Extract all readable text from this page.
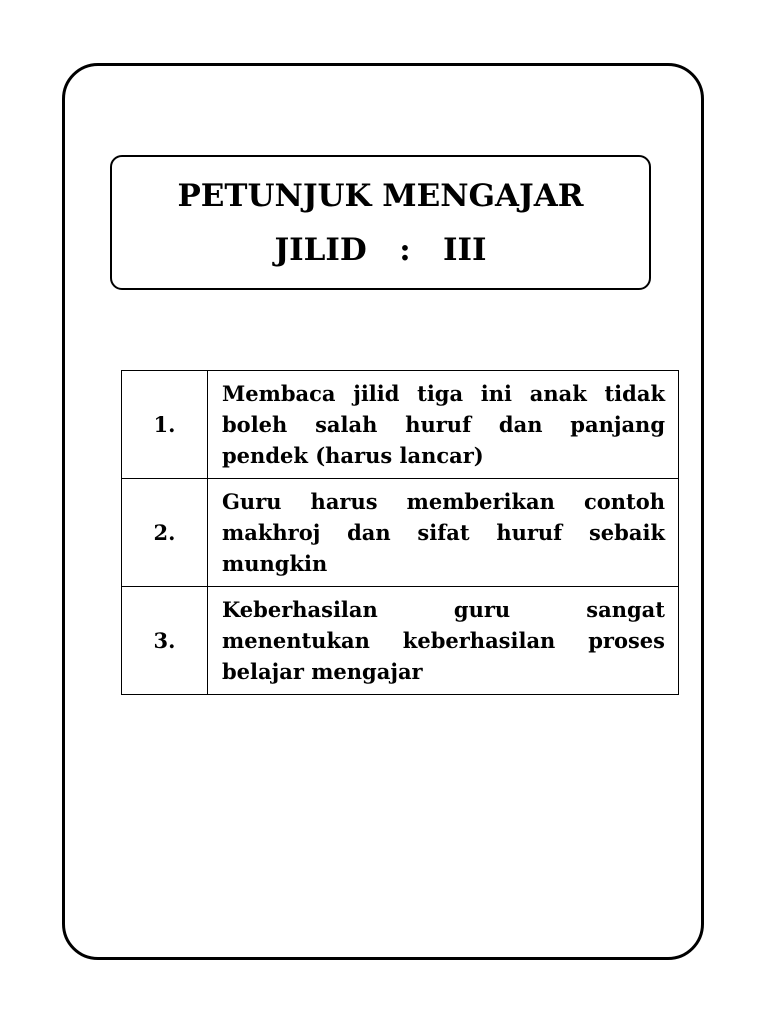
PETUNJUK MENGAJAR
JILID   :   III
1.	Membaca jilid tiga ini anak tidak boleh salah huruf dan panjang pendek (harus lancar)
2.	Guru harus memberikan contoh makhroj dan sifat huruf sebaik mungkin
3.	Keberhasilan guru sangat menentukan keberhasilan proses belajar mengajar
